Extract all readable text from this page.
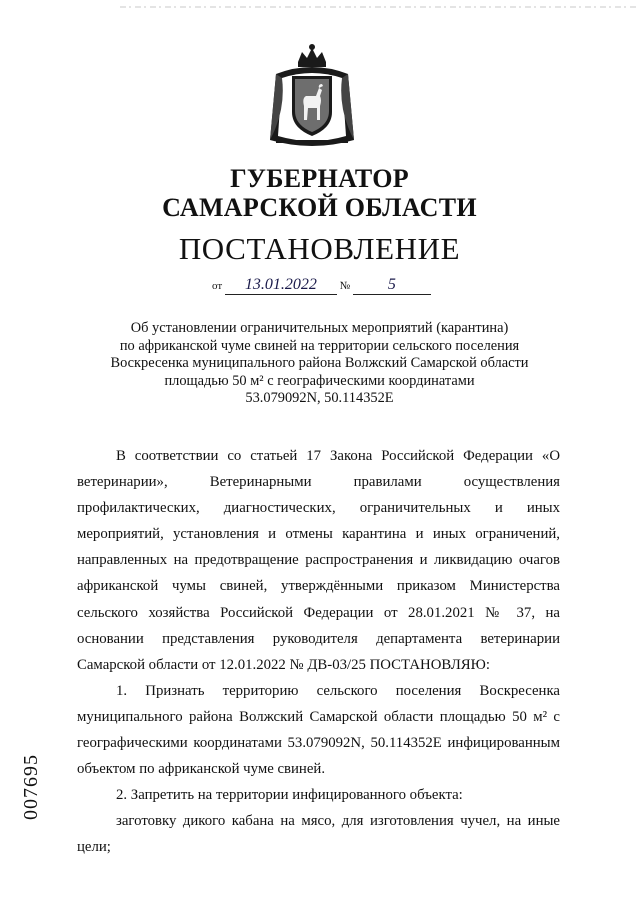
ГУБЕРНАТОР
САМАРСКОЙ ОБЛАСТИ
ПОСТАНОВЛЕНИЕ
от 13.01.2022 № 5
Об установлении ограничительных мероприятий (карантина)
по африканской чуме свиней на территории сельского поселения
Воскресенка муниципального района Волжский Самарской области
площадью 50 м² с географическими координатами
53.079092N, 50.114352E

В соответствии со статьей 17 Закона Российской Федерации «О ветеринарии», Ветеринарными правилами осуществления профилактических, диагностических, ограничительных и иных мероприятий, установления и отмены карантина и иных ограничений, направленных на предотвращение распространения и ликвидацию очагов африканской чумы свиней, утверждёнными приказом Министерства сельского хозяйства Российской Федерации от 28.01.2021 № 37, на основании представления руководителя департамента ветеринарии Самарской области от 12.01.2022 № ДВ-03/25 ПОСТАНОВЛЯЮ:

1. Признать территорию сельского поселения Воскресенка муниципального района Волжский Самарской области площадью 50 м² с географическими координатами 53.079092N, 50.114352E инфицированным объектом по африканской чуме свиней.

2. Запретить на территории инфицированного объекта:

заготовку дикого кабана на мясо, для изготовления чучел, на иные цели;

007695
